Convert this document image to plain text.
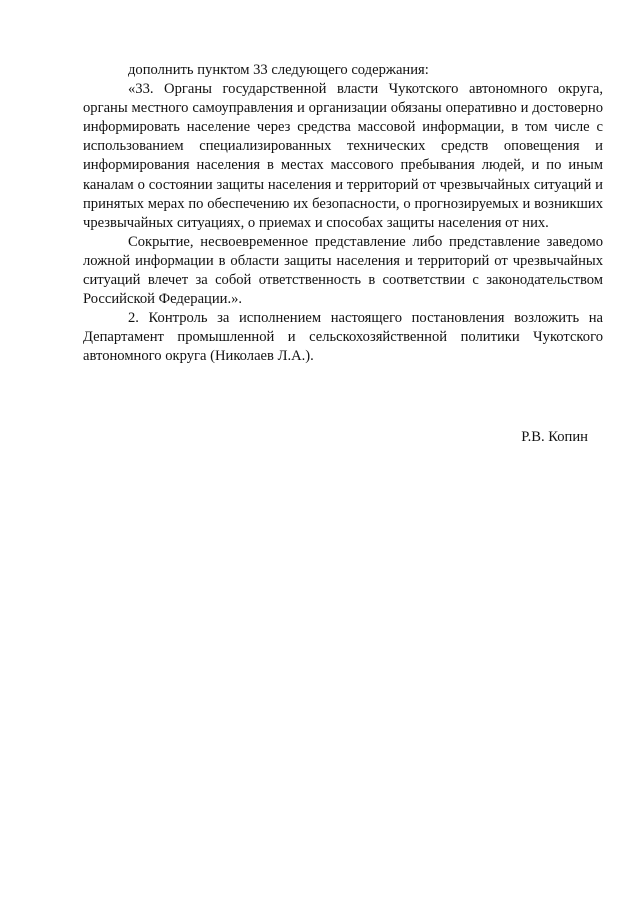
дополнить пунктом 33 следующего содержания:

«33. Органы государственной власти Чукотского автономного округа, органы местного самоуправления и организации обязаны оперативно и достоверно информировать население через средства массовой информации, в том числе с использованием специализированных технических средств оповещения и информирования населения в местах массового пребывания людей, и по иным каналам о состоянии защиты населения и территорий от чрезвычайных ситуаций и принятых мерах по обеспечению их безопасности, о прогнозируемых и возникших чрезвычайных ситуациях, о приемах и способах защиты населения от них.

Сокрытие, несвоевременное представление либо представление заведомо ложной информации в области защиты населения и территорий от чрезвычайных ситуаций влечет за собой ответственность в соответствии с законодательством Российской Федерации.».

2. Контроль за исполнением настоящего постановления возложить на Департамент промышленной и сельскохозяйственной политики Чукотского автономного округа (Николаев Л.А.).

Р.В. Копин
